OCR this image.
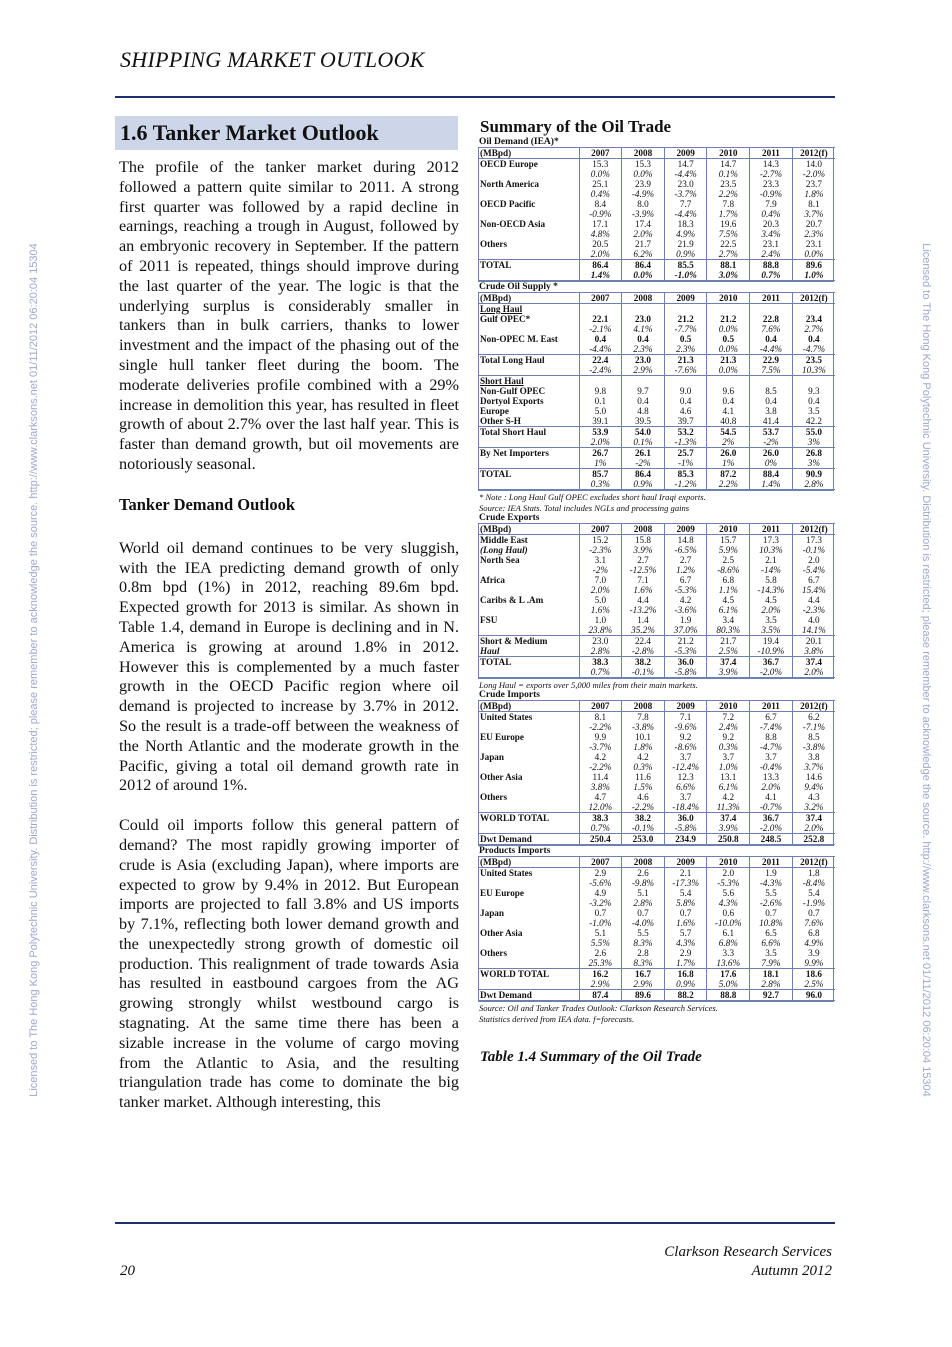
SHIPPING MARKET OUTLOOK
Licensed to The Hong Kong Polytechnic University. Distribution is restricted; please remember to acknowledge the source. http://www.clarksons.net 01/11/2012 06:20:04 15304	Licensed to The Hong Kong Polytechnic University. Distribution is restricted; please remember to acknowledge the source. http://www.clarksons.net 01/11/2012 06:20:04 15304
1.6 Tanker Market Outlook

The profile of the tanker market during 2012 followed a pattern quite similar to 2011. A strong first quarter was followed by a rapid decline in earnings, reaching a trough in August, followed by an embryonic recovery in September. If the pattern of 2011 is repeated, things should improve during the last quarter of the year. The logic is that the underlying surplus is considerably smaller in tankers than in bulk carriers, thanks to lower investment and the impact of the phasing out of the single hull tanker fleet during the boom. The moderate deliveries profile combined with a 29% increase in demolition this year, has resulted in fleet growth of about 2.7% over the last half year. This is faster than demand growth, but oil movements are notoriously seasonal.

Tanker Demand Outlook

World oil demand continues to be very sluggish, with the IEA predicting demand growth of only 0.8m bpd (1%) in 2012, reaching 89.6m bpd. Expected growth for 2013 is similar. As shown in Table 1.4, demand in Europe is declining and in N. America is growing at around 1.8% in 2012. However this is complemented by a much faster growth in the OECD Pacific region where oil demand is projected to increase by 3.7% in 2012. So the result is a trade-off between the weakness of the North Atlantic and the moderate growth in the Pacific, giving a total oil demand growth rate in 2012 of around 1%.

Could oil imports follow this general pattern of demand? The most rapidly growing importer of crude is Asia (excluding Japan), where imports are expected to grow by 9.4% in 2012. But European imports are projected to fall 3.8% and US imports by 7.1%, reflecting both lower demand growth and the unexpectedly strong growth of domestic oil production. This realignment of trade towards Asia has resulted in eastbound cargoes from the AG growing strongly whilst westbound cargo is stagnating. At the same time there has been a sizable increase in the volume of cargo moving from the Atlantic to Asia, and the resulting triangulation trade has come to dominate the big tanker market. Although interesting, this

Summary of the Oil Trade
Oil Demand (IEA)*
(MBpd)	2007	2008	2009	2010	2011	2012(f)
OECD Europe	15.3	15.3	14.7	14.7	14.3	14.0
	0.0%	0.0%	-4.4%	0.1%	-2.7%	-2.0%
North America	25.1	23.9	23.0	23.5	23.3	23.7
	0.4%	-4.9%	-3.7%	2.2%	-0.9%	1.8%
OECD Pacific	8.4	8.0	7.7	7.8	7.9	8.1
	-0.9%	-3.9%	-4.4%	1.7%	0.4%	3.7%
Non-OECD Asia	17.1	17.4	18.3	19.6	20.3	20.7
	4.8%	2.0%	4.9%	7.5%	3.4%	2.3%
Others	20.5	21.7	21.9	22.5	23.1	23.1
	2.0%	6.2%	0.9%	2.7%	2.4%	0.0%
TOTAL	86.4	86.4	85.5	88.1	88.8	89.6
	1.4%	0.0%	-1.0%	3.0%	0.7%	1.0%
Crude Oil Supply *
(MBpd)	2007	2008	2009	2010	2011	2012(f)
Long Haul						
Gulf OPEC*	22.1	23.0	21.2	21.2	22.8	23.4
	-2.1%	4.1%	-7.7%	0.0%	7.6%	2.7%
Non-OPEC M. East	0.4	0.4	0.5	0.5	0.4	0.4
	-4.4%	2.3%	2.3%	0.0%	-4.4%	-4.7%
Total Long Haul	22.4	23.0	21.3	21.3	22.9	23.5
	-2.4%	2.9%	-7.6%	0.0%	7.5%	10.3%
Short Haul						
Non-Gulf OPEC	9.8	9.7	9.0	9.6	8.5	9.3
Dortyol Exports	0.1	0.4	0.4	0.4	0.4	0.4
Europe	5.0	4.8	4.6	4.1	3.8	3.5
Other S-H	39.1	39.5	39.7	40.8	41.4	42.2
Total Short Haul	53.9	54.0	53.2	54.5	53.7	55.0
	2.0%	0.1%	-1.3%	2%	-2%	3%
By Net Importers	26.7	26.1	25.7	26.0	26.0	26.8
	1%	-2%	-1%	1%	0%	3%
TOTAL	85.7	86.4	85.3	87.2	88.4	90.9
	0.3%	0.9%	-1.2%	2.2%	1.4%	2.8%
* Note : Long Haul Gulf OPEC excludes short haul Iraqi exports.
Source: IEA Stats. Total includes NGLs and processing gains
Crude Exports
(MBpd)	2007	2008	2009	2010	2011	2012(f)
Middle East	15.2	15.8	14.8	15.7	17.3	17.3
(Long Haul)	-2.3%	3.9%	-6.5%	5.9%	10.3%	-0.1%
North Sea	3.1	2.7	2.7	2.5	2.1	2.0
	-2%	-12.5%	1.2%	-8.6%	-14%	-5.4%
Africa	7.0	7.1	6.7	6.8	5.8	6.7
	2.0%	1.6%	-5.3%	1.1%	-14.3%	15.4%
Caribs & L .Am	5.0	4.4	4.2	4.5	4.5	4.4
	1.6%	-13.2%	-3.6%	6.1%	2.0%	-2.3%
FSU	1.0	1.4	1.9	3.4	3.5	4.0
	23.8%	35.2%	37.0%	80.3%	3.5%	14.1%
Short & Medium	23.0	22.4	21.2	21.7	19.4	20.1
Haul	2.8%	-2.8%	-5.3%	2.5%	-10.9%	3.8%
TOTAL	38.3	38.2	36.0	37.4	36.7	37.4
	0.7%	-0.1%	-5.8%	3.9%	-2.0%	2.0%
Long Haul = exports over 5,000 miles from their main markets.
Crude Imports
(MBpd)	2007	2008	2009	2010	2011	2012(f)
United States	8.1	7.8	7.1	7.2	6.7	6.2
	-2.2%	-3.8%	-9.6%	2.4%	-7.4%	-7.1%
EU Europe	9.9	10.1	9.2	9.2	8.8	8.5
	-3.7%	1.8%	-8.6%	0.3%	-4.7%	-3.8%
Japan	4.2	4.2	3.7	3.7	3.7	3.8
	-2.2%	0.3%	-12.4%	1.0%	-0.4%	3.7%
Other Asia	11.4	11.6	12.3	13.1	13.3	14.6
	3.8%	1.5%	6.6%	6.1%	2.0%	9.4%
Others	4.7	4.6	3.7	4.2	4.1	4.3
	12.0%	-2.2%	-18.4%	11.3%	-0.7%	3.2%
WORLD TOTAL	38.3	38.2	36.0	37.4	36.7	37.4
	0.7%	-0.1%	-5.8%	3.9%	-2.0%	2.0%
Dwt Demand	250.4	253.0	234.9	250.8	248.5	252.8
Products Imports
(MBpd)	2007	2008	2009	2010	2011	2012(f)
United States	2.9	2.6	2.1	2.0	1.9	1.8
	-5.6%	-9.8%	-17.3%	-5.3%	-4.3%	-8.4%
EU Europe	4.9	5.1	5.4	5.6	5.5	5.4
	-3.2%	2.8%	5.8%	4.3%	-2.6%	-1.9%
Japan	0.7	0.7	0.7	0.6	0.7	0.7
	-1.0%	-4.0%	1.6%	-10.0%	10.8%	7.6%
Other Asia	5.1	5.5	5.7	6.1	6.5	6.8
	5.5%	8.3%	4.3%	6.8%	6.6%	4.9%
Others	2.6	2.8	2.9	3.3	3.5	3.9
	25.3%	8.3%	1.7%	13.6%	7.9%	9.9%
WORLD TOTAL	16.2	16.7	16.8	17.6	18.1	18.6
	2.9%	2.9%	0.9%	5.0%	2.8%	2.5%
Dwt Demand	87.4	89.6	88.2	88.8	92.7	96.0
Source: Oil and Tanker Trades Outlook: Clarkson Research Services.
Statistics derived from IEA data. f=forecasts.
Table 1.4 Summary of the Oil Trade
Clarkson Research Services
Autumn 2012
20
